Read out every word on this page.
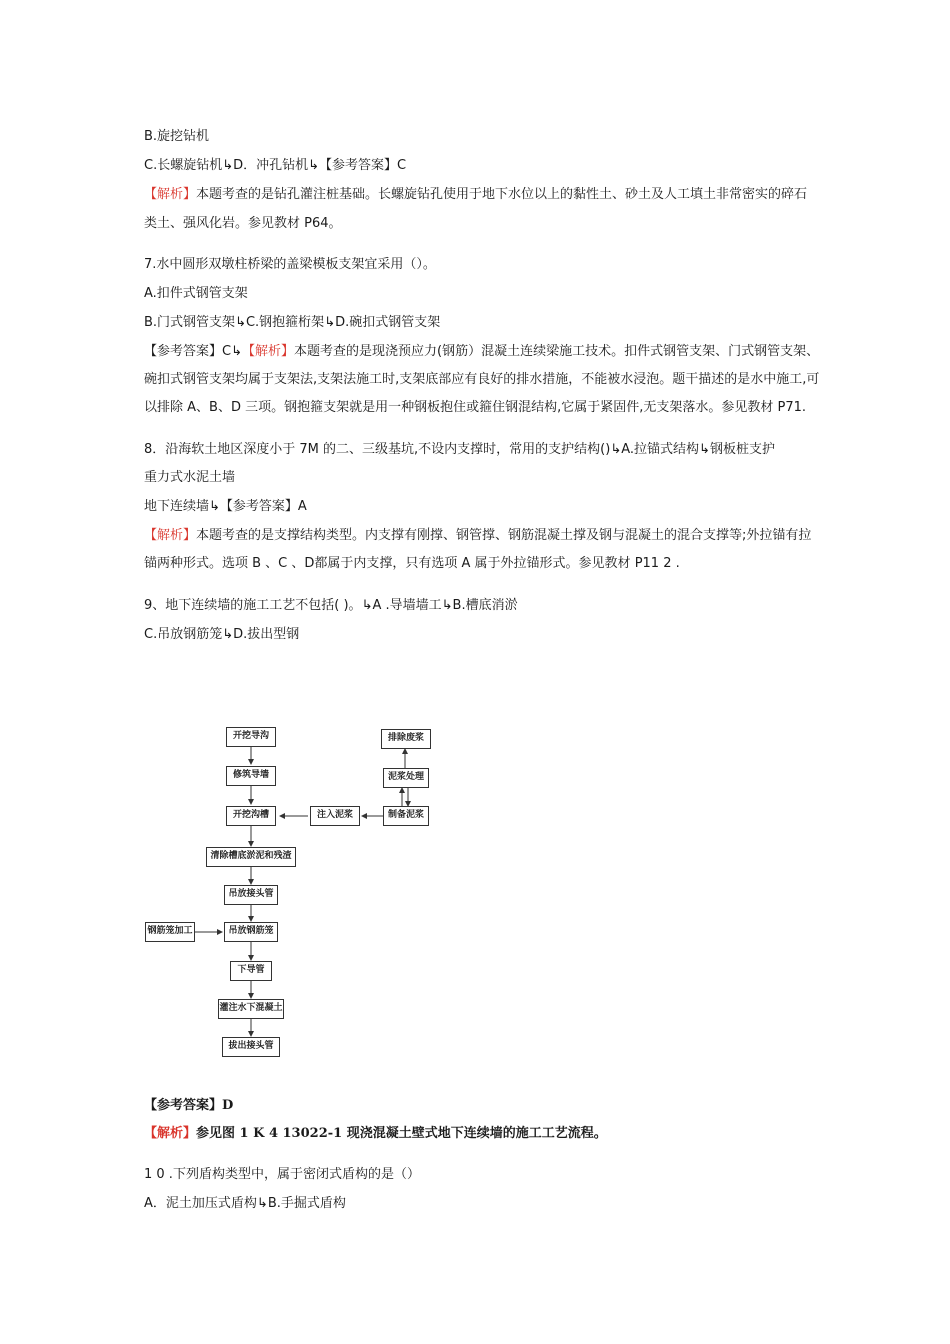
B.旋挖钻机
C.长螺旋钻机↳D．冲孔钻机↳【参考答案】C
【解析】本题考查的是钻孔灌注桩基础。长螺旋钻孔使用于地下水位以上的黏性土、砂土及人工填土非常密实的碎石
类土、强风化岩。参见教材 P64。
7.水中圆形双墩柱桥梁的盖梁模板支架宜采用（）。
A.扣件式钢管支架
B.门式钢管支架↳C.钢抱箍桁架↳D.碗扣式钢管支架
【参考答案】C↳【解析】本题考查的是现浇预应力(钢筋）混凝土连续梁施工技术。扣件式钢管支架、门式钢管支架、
碗扣式钢管支架均属于支架法,支架法施工时,支架底部应有良好的排水措施，不能被水浸泡。题干描述的是水中施工,可
以排除 A、B、D 三项。钢抱箍支架就是用一种钢板抱住或箍住钢混结构,它属于紧固件,无支架落水。参见教材 P71.
8．沿海软土地区深度小于 7M 的二、三级基坑,不设内支撑时，常用的支护结构()↳A.拉锚式结构↳钢板桩支护
重力式水泥土墙
地下连续墙↳【参考答案】A
【解析】本题考查的是支撑结构类型。内支撑有刚撑、钢管撑、钢筋混凝土撑及钢与混凝土的混合支撑等;外拉锚有拉
锚两种形式。选项 B 、C 、D都属于内支撑，只有选项 A 属于外拉锚形式。参见教材 P11 2 .
9、地下连续墙的施工工艺不包括( )。↳A .导墙墙工↳B.槽底消淤
C.吊放钢筋笼↳D.拔出型钢
开挖导沟
修筑导墙
开挖沟槽
清除槽底淤泥和残渣
吊放接头管
吊放钢筋笼
下导管
灌注水下混凝土
拔出接头管
注入泥浆	制备泥浆
泥浆处理
排除废浆
钢筋笼加工
【参考答案】D
【解析】参见图 1 K 4 13022-1 现浇混凝土壁式地下连续墙的施工工艺流程。
1 0 .下列盾构类型中，属于密闭式盾构的是（）
A．泥土加压式盾构↳B.手掘式盾构
